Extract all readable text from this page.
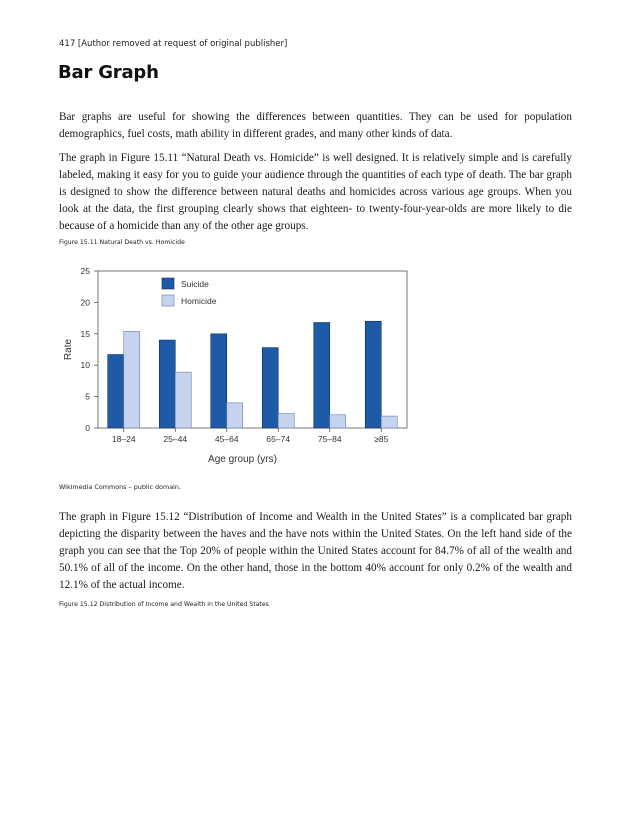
417 [Author removed at request of original publisher]
Bar Graph

Bar graphs are useful for showing the differences between quantities. They can be used for population demographics, fuel costs, math ability in different grades, and many other kinds of data.

The graph in Figure 15.11 “Natural Death vs. Homicide” is well designed. It is relatively simple and is carefully labeled, making it easy for you to guide your audience through the quantities of each type of death. The bar graph is designed to show the difference between natural deaths and homicides across various age groups. When you look at the data, the first grouping clearly shows that eighteen- to twenty-four-year-olds are more likely to die because of a homicide than any of the other age groups.

Figure 15.11 Natural Death vs. Homicide
0
5
10
15
20
25
18–24	25–44	45–64	65–74	75–84	≥85
Suicide
Homicide
Age group (yrs)
Rate
Wikimedia Commons – public domain.

The graph in Figure 15.12 “Distribution of Income and Wealth in the United States” is a complicated bar graph depicting the disparity between the haves and the have nots within the United States. On the left hand side of the graph you can see that the Top 20% of people within the United States account for 84.7% of all of the wealth and 50.1% of all of the income. On the other hand, those in the bottom 40% account for only 0.2% of the wealth and 12.1% of the actual income.

Figure 15.12 Distribution of Income and Wealth in the United States
